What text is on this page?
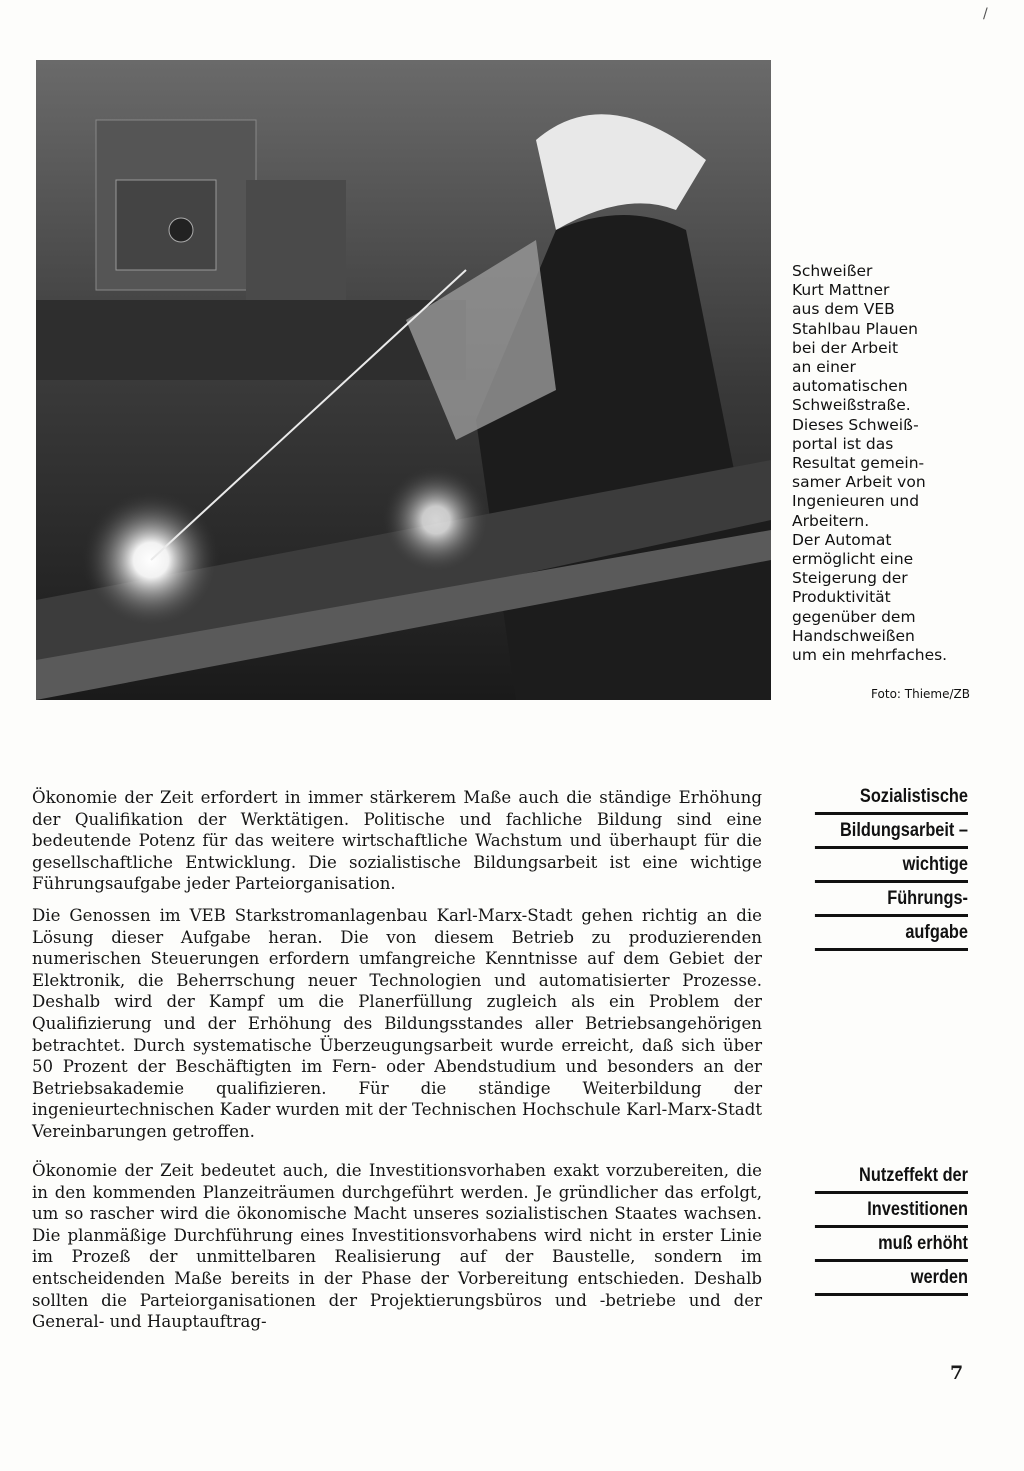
/
Schweißer
Kurt Mattner
aus dem VEB
Stahlbau Plauen
bei der Arbeit
an einer
automatischen
Schweißstraße.
Dieses Schweiß-
portal ist das
Resultat gemein-
samer Arbeit von
Ingenieuren und
Arbeitern.
Der Automat
ermöglicht eine
Steigerung der
Produktivität
gegenüber dem
Handschweißen
um ein mehrfaches.
Foto: Thieme/ZB

Ökonomie der Zeit erfordert in immer stärkerem Maße auch die ständige Erhöhung der Qualifikation der Werktätigen. Politische und fachliche Bildung sind eine bedeutende Potenz für das weitere wirtschaftliche Wachstum und überhaupt für die gesellschaftliche Entwicklung. Die sozialistische Bildungsarbeit ist eine wichtige Führungsaufgabe jeder Parteiorganisation.

Die Genossen im VEB Starkstromanlagenbau Karl-Marx-Stadt gehen richtig an die Lösung dieser Aufgabe heran. Die von diesem Betrieb zu produzierenden numerischen Steuerungen erfordern umfangreiche Kenntnisse auf dem Gebiet der Elektronik, die Beherrschung neuer Technologien und automatisierter Prozesse. Deshalb wird der Kampf um die Planerfüllung zugleich als ein Problem der Qualifizierung und der Erhöhung des Bildungsstandes aller Betriebsangehörigen betrachtet. Durch systematische Überzeugungsarbeit wurde erreicht, daß sich über 50 Prozent der Beschäftigten im Fern- oder Abendstudium und besonders an der Betriebsakademie qualifizieren. Für die ständige Weiterbildung der ingenieurtechnischen Kader wurden mit der Technischen Hochschule Karl-Marx-Stadt Vereinbarungen getroffen.

Ökonomie der Zeit bedeutet auch, die Investitionsvorhaben exakt vorzubereiten, die in den kommenden Planzeiträumen durchgeführt werden. Je gründlicher das erfolgt, um so rascher wird die ökonomische Macht unseres sozialistischen Staates wachsen. Die planmäßige Durchführung eines Investitionsvorhabens wird nicht in erster Linie im Prozeß der unmittelbaren Realisierung auf der Baustelle, sondern im entscheidenden Maße bereits in der Phase der Vorbereitung entschieden. Deshalb sollten die Parteiorganisationen der Projektierungsbüros und -betriebe und der General- und Hauptauftrag-

Sozialistische
Bildungsarbeit –
wichtige
Führungs-
aufgabe
Nutzeffekt der
Investitionen
muß erhöht
werden
7
